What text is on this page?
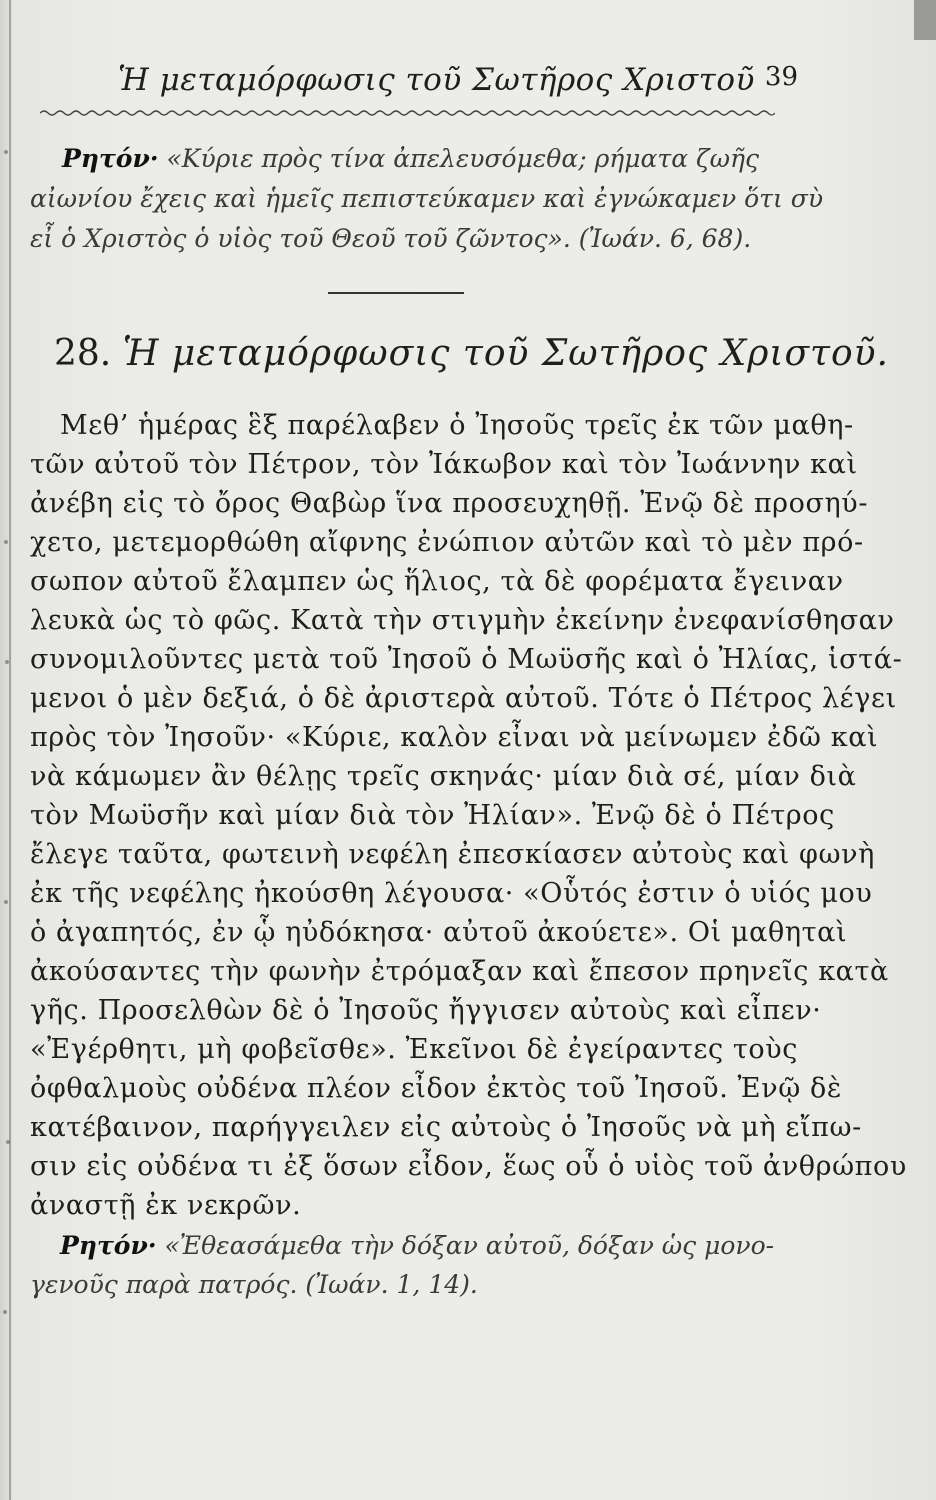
Ἡ μεταμόρφωσις τοῦ Σωτῆρος Χριστοῦ 39
Ρητόν· «Κύριε πρὸς τίνα ἀπελευσόμεθα; ρήματα ζωῆς
αἰωνίου ἔχεις καὶ ἡμεῖς πεπιστεύκαμεν καὶ ἐγνώκαμεν ὅτι σὺ
εἶ ὁ Χριστὸς ὁ υἱὸς τοῦ Θεοῦ τοῦ ζῶντος». (Ἰωάν. 6, 68).
28. Ἡ μεταμόρφωσις τοῦ Σωτῆρος Χριστοῦ.
Μεθ’ ἡμέρας ἓξ παρέλαβεν ὁ Ἰησοῦς τρεῖς ἐκ τῶν μαθη-
τῶν αὐτοῦ τὸν Πέτρον, τὸν Ἰάκωβον καὶ τὸν Ἰωάννην καὶ
ἀνέβη εἰς τὸ ὄρος Θαβὼρ ἵνα προσευχηθῇ. Ἐνῷ δὲ προσηύ-
χετο, μετεμορθώθη αἴφνης ἐνώπιον αὐτῶν καὶ τὸ μὲν πρό-
σωπον αὐτοῦ ἔλαμπεν ὡς ἥλιος, τὰ δὲ φορέματα ἔγειναν
λευκὰ ὡς τὸ φῶς. Κατὰ τὴν στιγμὴν ἐκείνην ἐνεφανίσθησαν
συνομιλοῦντες μετὰ τοῦ Ἰησοῦ ὁ Μωϋσῆς καὶ ὁ Ἠλίας, ἱστά-
μενοι ὁ μὲν δεξιά, ὁ δὲ ἀριστερὰ αὐτοῦ. Τότε ὁ Πέτρος λέγει
πρὸς τὸν Ἰησοῦν· «Κύριε, καλὸν εἶναι νὰ μείνωμεν ἐδῶ καὶ
νὰ κάμωμεν ἂν θέλῃς τρεῖς σκηνάς· μίαν διὰ σέ, μίαν διὰ
τὸν Μωϋσῆν καὶ μίαν διὰ τὸν Ἠλίαν». Ἐνῷ δὲ ὁ Πέτρος
ἔλεγε ταῦτα, φωτεινὴ νεφέλη ἐπεσκίασεν αὐτοὺς καὶ φωνὴ
ἐκ τῆς νεφέλης ἠκούσθη λέγουσα· «Οὗτός ἐστιν ὁ υἱός μου
ὁ ἀγαπητός, ἐν ᾧ ηὐδόκησα· αὐτοῦ ἀκούετε». Οἱ μαθηταὶ
ἀκούσαντες τὴν φωνὴν ἐτρόμαξαν καὶ ἔπεσον πρηνεῖς κατὰ
γῆς. Προσελθὼν δὲ ὁ Ἰησοῦς ἤγγισεν αὐτοὺς καὶ εἶπεν·
«Ἐγέρθητι, μὴ φοβεῖσθε». Ἐκεῖνοι δὲ ἐγείραντες τοὺς
ὀφθαλμοὺς οὐδένα πλέον εἶδον ἐκτὸς τοῦ Ἰησοῦ. Ἐνῷ δὲ
κατέβαινον, παρήγγειλεν εἰς αὐτοὺς ὁ Ἰησοῦς νὰ μὴ εἴπω-
σιν εἰς οὐδένα τι ἐξ ὅσων εἶδον, ἕως οὗ ὁ υἱὸς τοῦ ἀνθρώπου
ἀναστῇ ἐκ νεκρῶν.
Ρητόν· «Ἐθεασάμεθα τὴν δόξαν αὐτοῦ, δόξαν ὡς μονο-
γενοῦς παρὰ πατρός. (Ἰωάν. 1, 14).
